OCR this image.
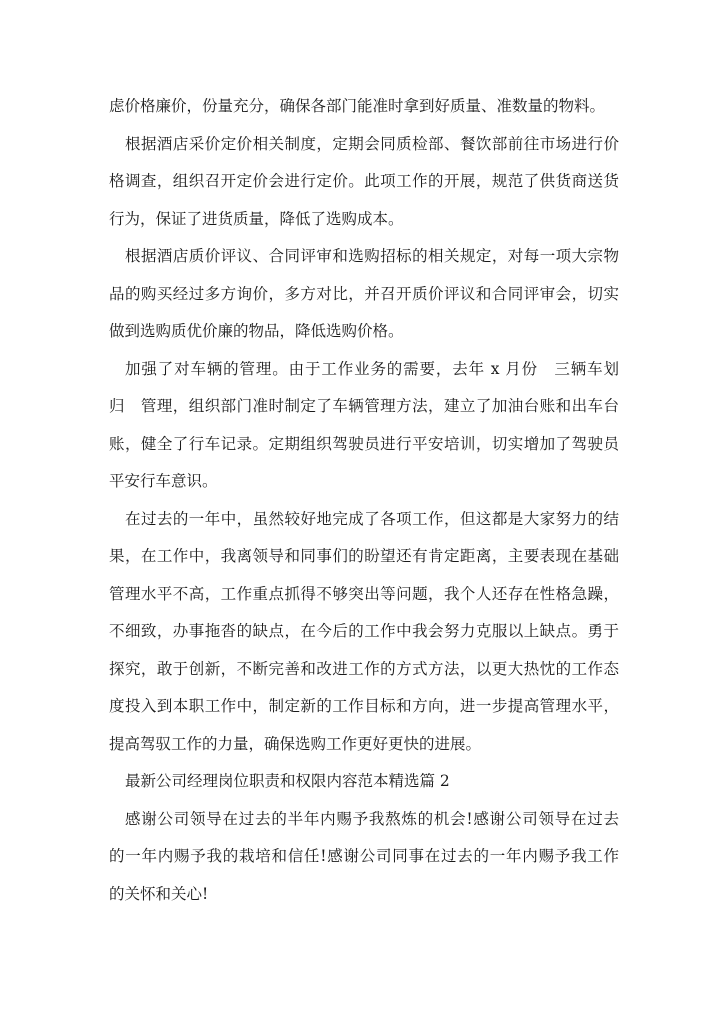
虑价格廉价，份量充分，确保各部门能准时拿到好质量、准数量的物料。
根据酒店采价定价相关制度，定期会同质检部、餐饮部前往市场进行价
格调查，组织召开定价会进行定价。此项工作的开展，规范了供货商送货
行为，保证了进货质量，降低了选购成本。
根据酒店质价评议、合同评审和选购招标的相关规定，对每一项大宗物
品的购买经过多方询价，多方对比，并召开质价评议和合同评审会，切实
做到选购质优价廉的物品，降低选购价格。
加强了对车辆的管理。由于工作业务的需要，去年 x 月份　三辆车划
归　管理，组织部门准时制定了车辆管理方法，建立了加油台账和出车台
账，健全了行车记录。定期组织驾驶员进行平安培训，切实增加了驾驶员
平安行车意识。
在过去的一年中，虽然较好地完成了各项工作，但这都是大家努力的结
果，在工作中，我离领导和同事们的盼望还有肯定距离，主要表现在基础
管理水平不高，工作重点抓得不够突出等问题，我个人还存在性格急躁，
不细致，办事拖沓的缺点，在今后的工作中我会努力克服以上缺点。勇于
探究，敢于创新，不断完善和改进工作的方式方法，以更大热忱的工作态
度投入到本职工作中，制定新的工作目标和方向，进一步提高管理水平，
提高驾驭工作的力量，确保选购工作更好更快的进展。
最新公司经理岗位职责和权限内容范本精选篇 2
感谢公司领导在过去的半年内赐予我熬炼的机会!感谢公司领导在过去
的一年内赐予我的栽培和信任!感谢公司同事在过去的一年内赐予我工作
的关怀和关心!
